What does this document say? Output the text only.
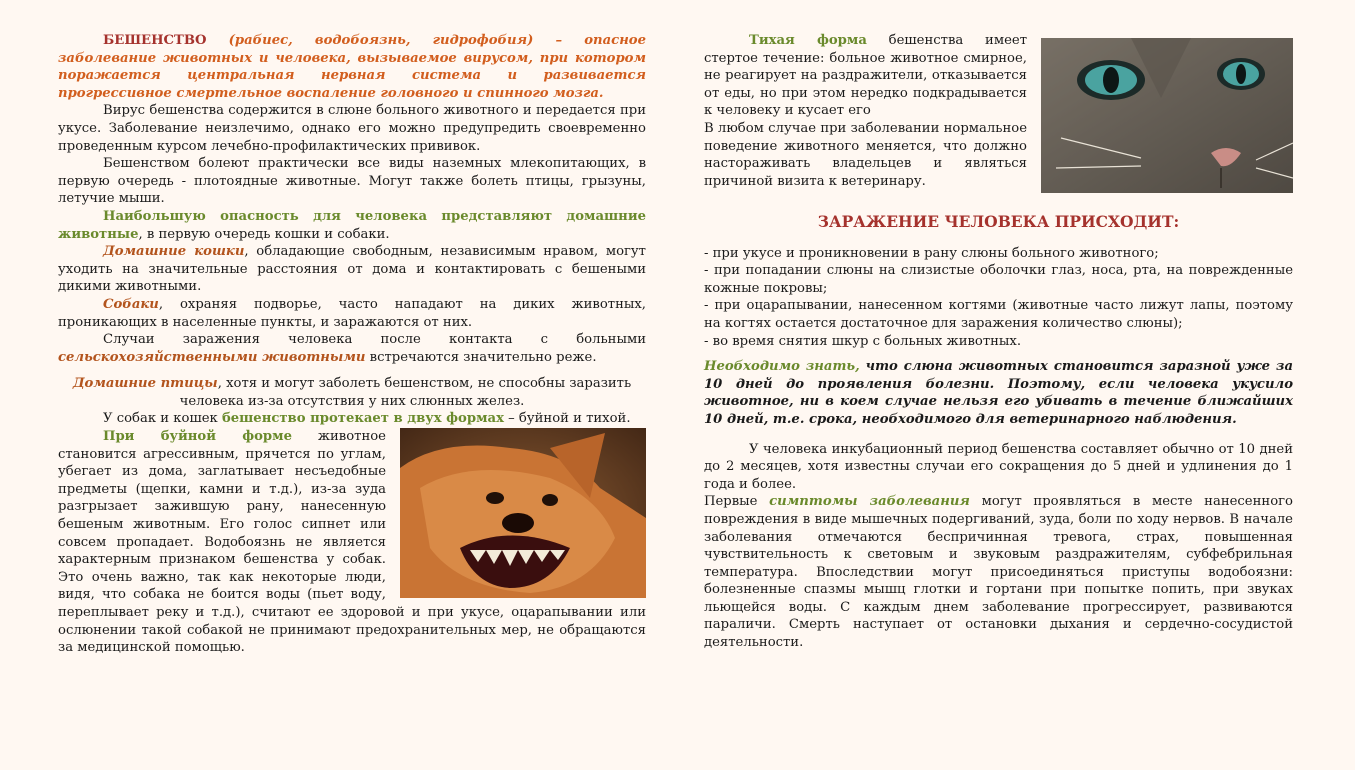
БЕШЕНСТВО (рабиес, водобоязнь, гидрофобия) – опасное заболевание животных и человека, вызываемое вирусом, при котором поражается центральная нервная система и развивается прогрессивное смертельное воспаление головного и спинного мозга.

Вирус бешенства содержится в слюне больного животного и передается при укусе. Заболевание неизлечимо, однако его можно предупредить своевременно проведенным курсом лечебно-профилактических прививок.

Бешенством болеют практически все виды наземных млекопитающих, в первую очередь - плотоядные животные. Могут также болеть птицы, грызуны, летучие мыши.

Наибольшую опасность для человека представляют домашние животные, в первую очередь кошки и собаки.

Домашние кошки, обладающие свободным, независимым нравом, могут уходить на значительные расстояния от дома и контактировать с бешеными дикими животными.

Собаки, охраняя подворье, часто нападают на диких животных, проникающих в населенные пункты, и заражаются от них.

Случаи заражения человека после контакта с больными сельскохозяйственными животными встречаются значительно реже.

Домашние птицы, хотя и могут заболеть бешенством, не способны заразить человека из-за отсутствия у них слюнных желез.

У собак и кошек бешенство протекает в двух формах – буйной и тихой.

При буйной форме животное становится агрессивным, прячется по углам, убегает из дома, заглатывает несъедобные предметы (щепки, камни и т.д.), из-за зуда разгрызает зажившую рану, нанесенную бешеным животным. Его голос сипнет или совсем пропадает. Водобоязнь не является характерным признаком бешенства у собак. Это очень важно, так как некоторые люди, видя, что собака не боится воды (пьет воду, переплывает реку и т.д.), считают ее здоровой и при укусе, оцарапывании или ослюнении такой собакой не принимают предохранительных мер, не обращаются за медицинской помощью.

Тихая форма бешенства имеет стертое течение: больное животное смирное, не реагирует на раздражители, отказывается от еды, но при этом нередко подкрадывается к человеку и кусает его

В любом случае при заболевании нормальное поведение животного меняется, что должно настораживать владельцев и являться причиной визита к ветеринару.

ЗАРАЖЕНИЕ ЧЕЛОВЕКА ПРИСХОДИТ:

- при укусе и проникновении в рану слюны больного животного;

- при попадании слюны на слизистые оболочки глаз, носа, рта, на поврежденные кожные покровы;

- при оцарапывании, нанесенном когтями (животные часто лижут лапы, поэтому на когтях остается достаточное для заражения количество слюны);

- во время снятия шкур с больных животных.

Необходимо знать, что слюна животных становится заразной уже за 10 дней до проявления болезни. Поэтому, если человека укусило животное, ни в коем случае нельзя его убивать в течение ближайших 10 дней, т.е. срока, необходимого для ветеринарного наблюдения.

У человека инкубационный период бешенства составляет обычно от 10 дней до 2 месяцев, хотя известны случаи его сокращения до 5 дней и удлинения до 1 года и более.

Первые симптомы заболевания могут проявляться в месте нанесенного повреждения в виде мышечных подергиваний, зуда, боли по ходу нервов. В начале заболевания отмечаются беспричинная тревога, страх, повышенная чувствительность к световым и звуковым раздражителям, субфебрильная температура. Впоследствии могут присоединяться приступы водобоязни: болезненные спазмы мышц глотки и гортани при попытке попить, при звуках льющейся воды. С каждым днем заболевание прогрессирует, развиваются параличи. Смерть наступает от остановки дыхания и сердечно-сосудистой деятельности.
